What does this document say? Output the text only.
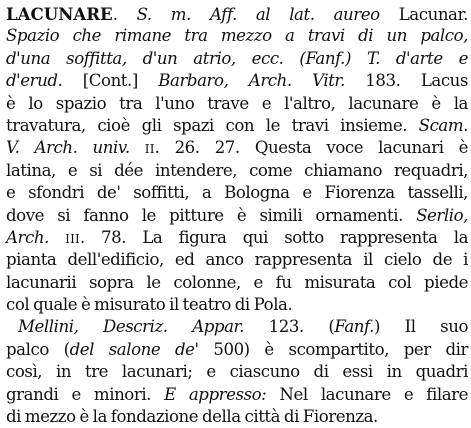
LACUNARE. S. m. Aff. al lat. aureo Lacunar.
Spazio che rimane tra mezzo a travi di un palco,
d'una soffitta, d'un atrio, ecc. (Fanf.) T. d'arte e
d'erud. [Cont.] Barbaro, Arch. Vitr. 183. Lacus
è lo spazio tra l'uno trave e l'altro, lacunare è la
travatura, cioè gli spazi con le travi insieme. Scam.
V. Arch. univ. ii. 26. 27. Questa voce lacunari è
latina, e si dée intendere, come chiamano requadri,
e sfondri de' soffitti, a Bologna e Fiorenza tasselli,
dove si fanno le pitture è simili ornamenti. Serlio,
Arch. iii. 78. La figura qui sotto rappresenta la
pianta dell'edificio, ed anco rappresenta il cielo de i
lacunarii sopra le colonne, e fu misurata col piede
col quale è misurato il teatro di Pola.
Mellini, Descriz. Appar. 123. (Fanf.) Il suo
palco (del salone de' 500) è scompartito, per dir
così, in tre lacunari; e ciascuno di essi in quadri
grandi e minori. E appresso: Nel lacunare e filare
di mezzo è la fondazione della città di Fiorenza.
